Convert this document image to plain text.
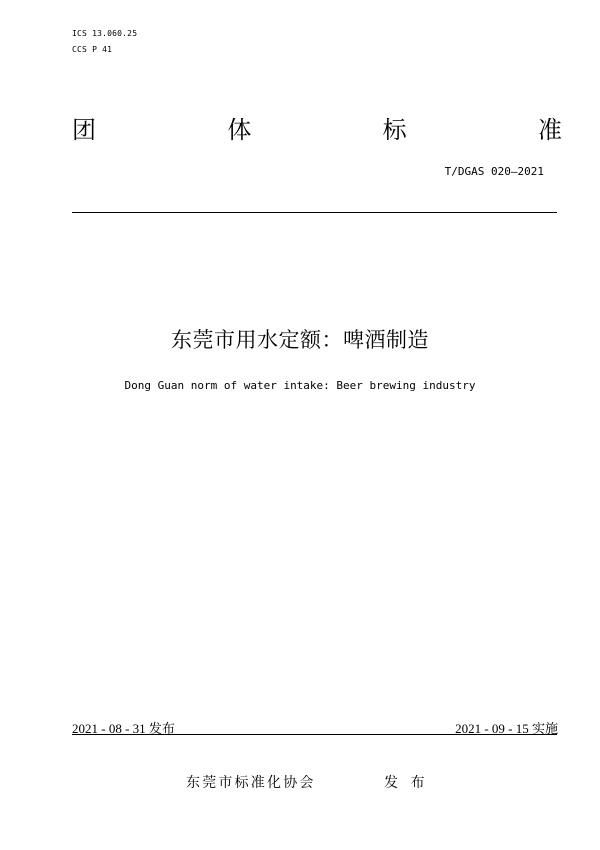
ICS 13.060.25
CCS P 41
团	体	标	准
T/DGAS 020—2021
东莞市用水定额：啤酒制造
Dong Guan norm of water intake: Beer brewing industry
2021 - 08 - 31 发布	2021 - 09 - 15 实施
东莞市标准化协会	发 布
